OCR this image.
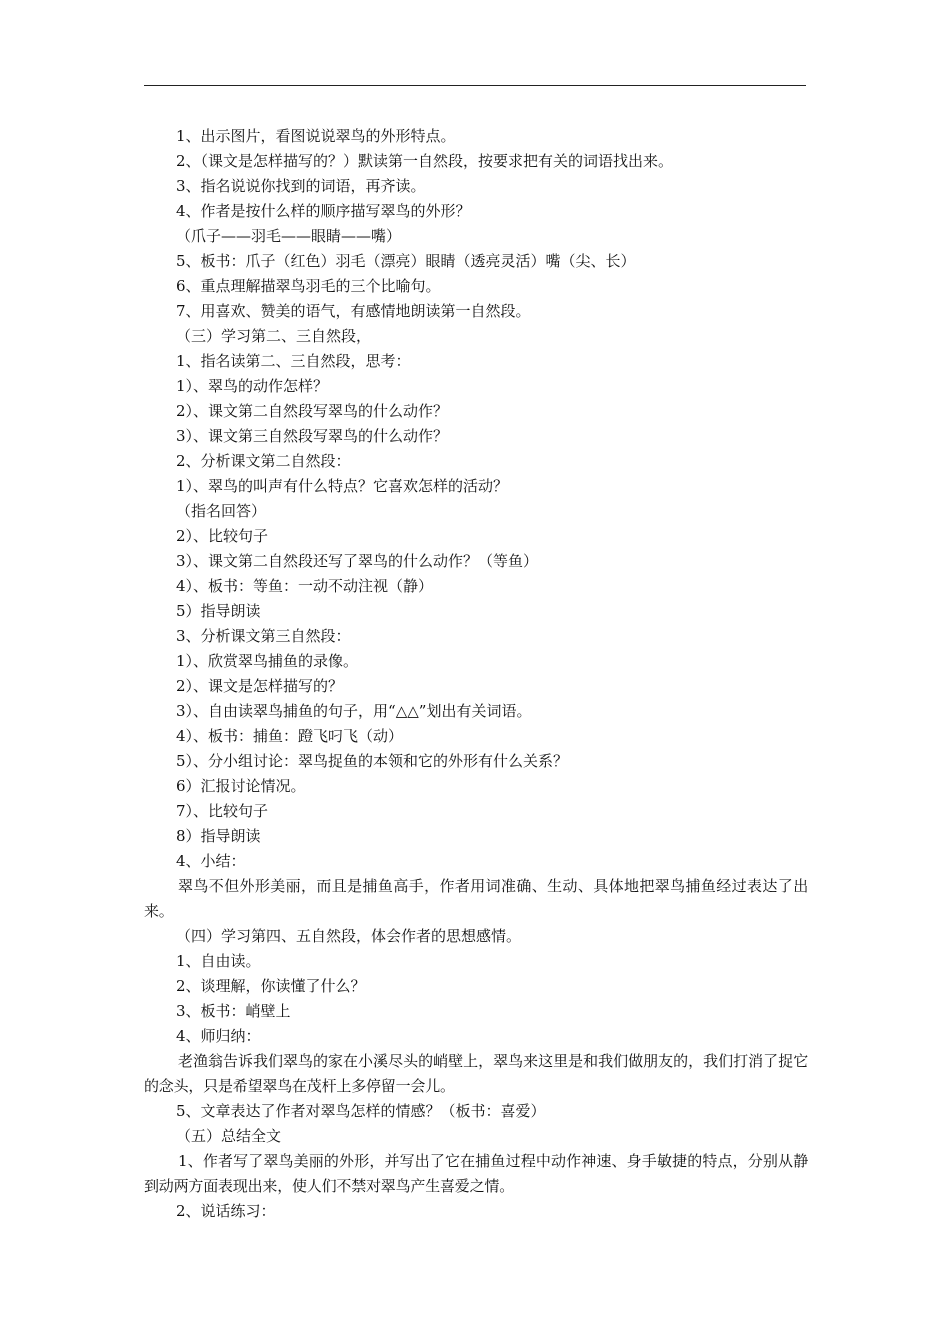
1、出示图片，看图说说翠鸟的外形特点。
2、（课文是怎样描写的？）默读第一自然段，按要求把有关的词语找出来。
3、指名说说你找到的词语，再齐读。
4、作者是按什么样的顺序描写翠鸟的外形？
（爪子——羽毛——眼睛——嘴）
5、板书：爪子（红色）羽毛（漂亮）眼睛（透亮灵活）嘴（尖、长）
6、重点理解描翠鸟羽毛的三个比喻句。
7、用喜欢、赞美的语气，有感情地朗读第一自然段。
（三）学习第二、三自然段，
1、指名读第二、三自然段，思考：
1）、翠鸟的动作怎样？
2）、课文第二自然段写翠鸟的什么动作？
3）、课文第三自然段写翠鸟的什么动作？
2、分析课文第二自然段：
1）、翠鸟的叫声有什么特点？它喜欢怎样的活动？
（指名回答）
2）、比较句子
3）、课文第二自然段还写了翠鸟的什么动作？（等鱼）
4）、板书：等鱼：一动不动注视（静）
5）指导朗读
3、分析课文第三自然段：
1）、欣赏翠鸟捕鱼的录像。
2）、课文是怎样描写的？
3）、自由读翠鸟捕鱼的句子，用“△△”划出有关词语。
4）、板书：捕鱼：蹬飞叼飞（动）
5）、分小组讨论：翠鸟捉鱼的本领和它的外形有什么关系？
6）汇报讨论情况。
7）、比较句子
8）指导朗读
4、小结：
翠鸟不但外形美丽，而且是捕鱼高手，作者用词准确、生动、具体地把翠鸟捕鱼经过表达了出来。
（四）学习第四、五自然段，体会作者的思想感情。
1、自由读。
2、谈理解，你读懂了什么？
3、板书：峭壁上
4、师归纳：
老渔翁告诉我们翠鸟的家在小溪尽头的峭壁上，翠鸟来这里是和我们做朋友的，我们打消了捉它的念头，只是希望翠鸟在茂杆上多停留一会儿。
5、文章表达了作者对翠鸟怎样的情感？（板书：喜爱）
（五）总结全文
1、作者写了翠鸟美丽的外形，并写出了它在捕鱼过程中动作神速、身手敏捷的特点，分别从静到动两方面表现出来，使人们不禁对翠鸟产生喜爱之情。
2、说话练习：
